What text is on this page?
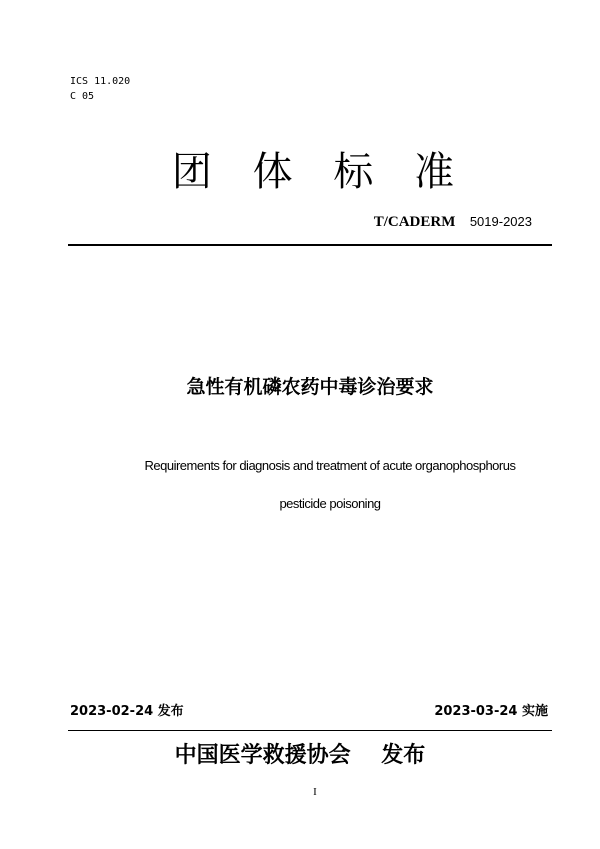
ICS 11.020
C 05
团 体 标 准
T/CADERM 5019-2023
急性有机磷农药中毒诊治要求
Requirements for diagnosis and treatment of acute organophosphorus
pesticide poisoning
2023-02-24 发布	2023-03-24 实施
中国医学救援协会    发布
I
